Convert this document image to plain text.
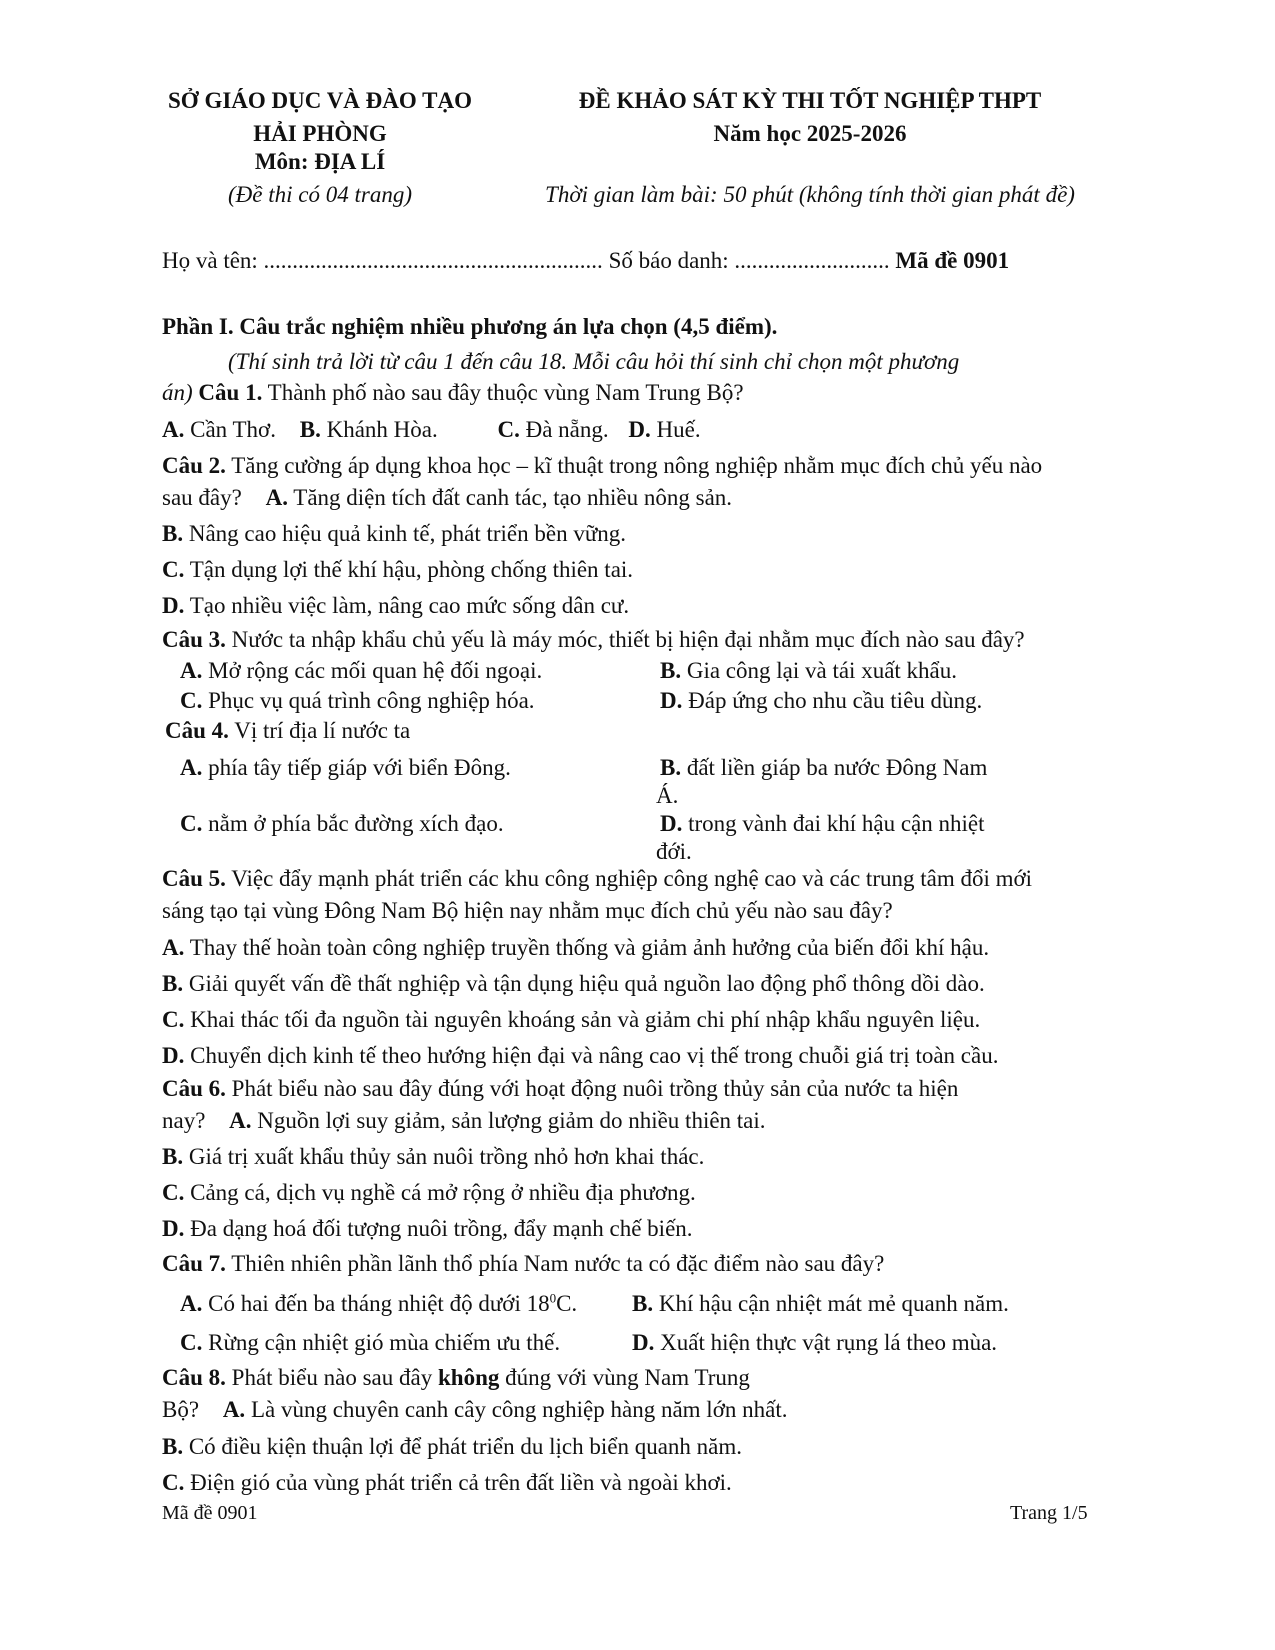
SỞ GIÁO DỤC VÀ ĐÀO TẠO
HẢI PHÒNG
Môn: ĐỊA LÍ
(Đề thi có 04 trang)
ĐỀ KHẢO SÁT KỲ THI TỐT NGHIỆP THPT
Năm học 2025-2026
Thời gian làm bài: 50 phút (không tính thời gian phát đề)
Họ và tên: ........................................................... Số báo danh: ........................... Mã đề 0901
Phần I. Câu trắc nghiệm nhiều phương án lựa chọn (4,5 điểm).
(Thí sinh trả lời từ câu 1 đến câu 18. Mỗi câu hỏi thí sinh chỉ chọn một phương
án) Câu 1. Thành phố nào sau đây thuộc vùng Nam Trung Bộ?
A. Cần Thơ. B. Khánh Hòa.	C. Đà nẵng. D. Huế.
Câu 2. Tăng cường áp dụng khoa học – kĩ thuật trong nông nghiệp nhằm mục đích chủ yếu nào
sau đây? A. Tăng diện tích đất canh tác, tạo nhiều nông sản.
B. Nâng cao hiệu quả kinh tế, phát triển bền vững.
C. Tận dụng lợi thế khí hậu, phòng chống thiên tai.
D. Tạo nhiều việc làm, nâng cao mức sống dân cư.
Câu 3. Nước ta nhập khẩu chủ yếu là máy móc, thiết bị hiện đại nhằm mục đích nào sau đây?
A. Mở rộng các mối quan hệ đối ngoại.	B. Gia công lại và tái xuất khẩu.
C. Phục vụ quá trình công nghiệp hóa.	D. Đáp ứng cho nhu cầu tiêu dùng.
Câu 4. Vị trí địa lí nước ta
A. phía tây tiếp giáp với biển Đông.	B. đất liền giáp ba nước Đông Nam
Á.
C. nằm ở phía bắc đường xích đạo.	D. trong vành đai khí hậu cận nhiệt
đới.
Câu 5. Việc đẩy mạnh phát triển các khu công nghiệp công nghệ cao và các trung tâm đổi mới
sáng tạo tại vùng Đông Nam Bộ hiện nay nhằm mục đích chủ yếu nào sau đây?
A. Thay thế hoàn toàn công nghiệp truyền thống và giảm ảnh hưởng của biến đổi khí hậu.
B. Giải quyết vấn đề thất nghiệp và tận dụng hiệu quả nguồn lao động phổ thông dồi dào.
C. Khai thác tối đa nguồn tài nguyên khoáng sản và giảm chi phí nhập khẩu nguyên liệu.
D. Chuyển dịch kinh tế theo hướng hiện đại và nâng cao vị thế trong chuỗi giá trị toàn cầu.
Câu 6. Phát biểu nào sau đây đúng với hoạt động nuôi trồng thủy sản của nước ta hiện
nay? A. Nguồn lợi suy giảm, sản lượng giảm do nhiều thiên tai.
B. Giá trị xuất khẩu thủy sản nuôi trồng nhỏ hơn khai thác.
C. Cảng cá, dịch vụ nghề cá mở rộng ở nhiều địa phương.
D. Đa dạng hoá đối tượng nuôi trồng, đẩy mạnh chế biến.
Câu 7. Thiên nhiên phần lãnh thổ phía Nam nước ta có đặc điểm nào sau đây?
A. Có hai đến ba tháng nhiệt độ dưới $18^0C$. B. Khí hậu cận nhiệt mát mẻ quanh năm.
C. Rừng cận nhiệt gió mùa chiếm ưu thế.	D. Xuất hiện thực vật rụng lá theo mùa.
Câu 8. Phát biểu nào sau đây không đúng với vùng Nam Trung
Bộ? A. Là vùng chuyên canh cây công nghiệp hàng năm lớn nhất.
B. Có điều kiện thuận lợi để phát triển du lịch biển quanh năm.
C. Điện gió của vùng phát triển cả trên đất liền và ngoài khơi.
Mã đề 0901	Trang 1/5
